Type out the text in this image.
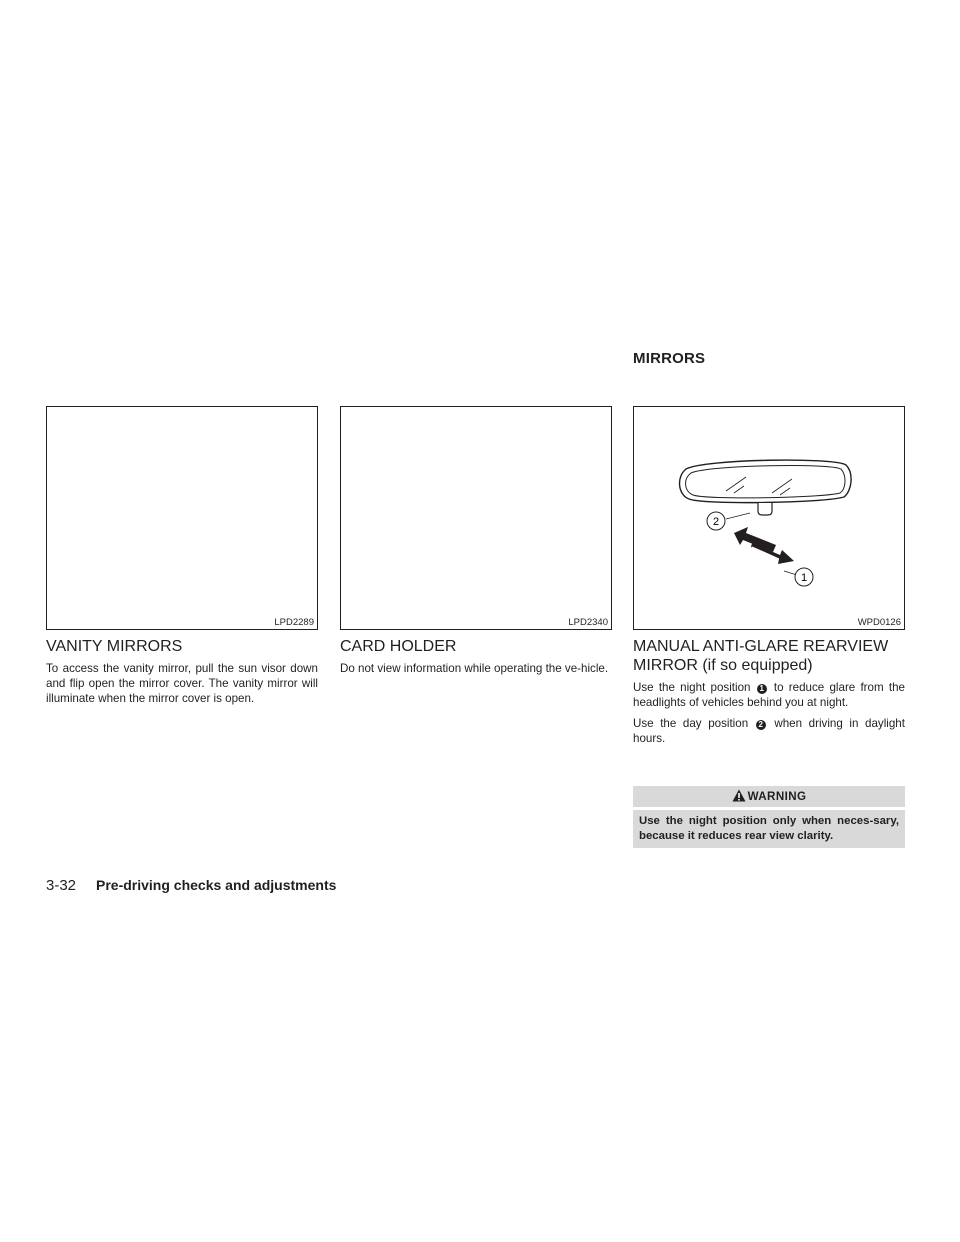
MIRRORS
LPD2289	LPD2340
2
1
WPD0126
VANITY MIRRORS
To access the vanity mirror, pull the sun visor down and flip open the mirror cover. The vanity mirror will illuminate when the mirror cover is open.
CARD HOLDER
Do not view information while operating the ve-hicle.
MANUAL ANTI-GLARE REARVIEW
MIRROR (if so equipped)
Use the night position 1 to reduce glare from the headlights of vehicles behind you at night.
Use the day position 2 when driving in daylight hours.
WARNING
Use the night position only when neces-sary, because it reduces rear view clarity.
3-32 Pre-driving checks and adjustments
